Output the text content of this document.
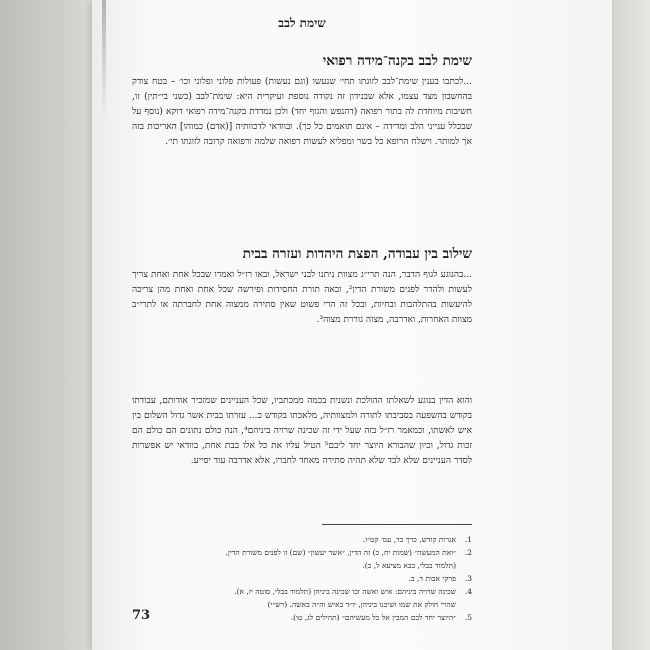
שימת לבב
שימת לבב בקנה־מידה רפואי

...לכתבו בענין שימת־לבב לזוגתו תחי׳ שנעשו (וגם נעשות) פעולות פלוני ופלוני וכו׳ – בטח צודק בהחשבון מצד עצמו, אלא שבנידון זה נקודה נוספת ועיקרית היא: שימת־לבב (בשני בי״תין) זו, חשיבות מיוחדת לה בתור רפואה (דהנפש והגוף יחד) ולכן נמדדת בקנה־מידה רפואי דוקא (נוסף על שבכלל ענייני הלב ומדידה – אינם תואמים כל כך). ובוודאי לדכוותיה [(אדם) כמוהו] האריכות בזה אך למותר. וישלח הרופא כל בשר ומפליא לעשות רפואה שלמה ורפואה קרובה לזוגתו תי׳.

שילוב בין עבודה, הפצת היהדות ועזרה בבית

...בהנוגע לגוף הדבר, הנה תרי״ג מצוות ניתנו לבני ישראל, ובאו רז״ל ואמרו שבכל אחת ואחת צריך לעשות ולהדר לפנים משורת הדין², ובאה תורת החסידות ופירשה שכל אחת ואחת מהן צריכה להיעשות בהתלהבות ובחיות, ובכל זה הרי פשוט שאין סתירה ממצוה אחת לחברתה או לתרי״ב מצוות האחרות, ואדרבה, מצוה גוררת מצוה³.

והוא הדין בנוגע לשאלתו ההולכת ונשנית בכמה ממכתביו, שכל העניינים שמזכיר אודותם, עבודתו בקודש בהשפעה בסביבתו לתורה ולמצוותיה, מלאכתו בקודש כ... עזרתו בבית אשר גדול השלום בין איש לאשתו, וכמאמר רז״ל בזה שעל ידי זה שכינה שרויה ביניהם⁴, הנה כולם נתונים הם כולם הם זכות גדול, וכיון שהבורא היוצר יחד ליבם⁵ הטיל עליו את כל אלו בבת אחת, בוודאי יש אפשרות לסדר העניינים שלא לבד שלא תהיה סתירה מאחד לחברו, אלא אדרבה עוד יסייע.

1.
אגרות קודש, כרך כד, עמ׳ קט״ו.
2.
״ואת המעשה״ (שמות יח, כ) זה הדין, ״אשר יעשון״ (שם) זו לפנים משורת הדין.
(תלמוד בבלי, בבא מציעא ל, ב).
3.
פרקי אבות ד, ב.
4.
שכינה שרויה ביניהם: איש ואשה זכו שכינה ביניהן (תלמוד בבלי, סוטה יז, א).
שהרי חולק את שמו ושיכנו ביניהן, יו״ד באיש וה״ה באשה. (רש״י)
5.
״היוצר יחד לבם המבין אל כל מעשיהם״ (תהילים לג, טו).
73
